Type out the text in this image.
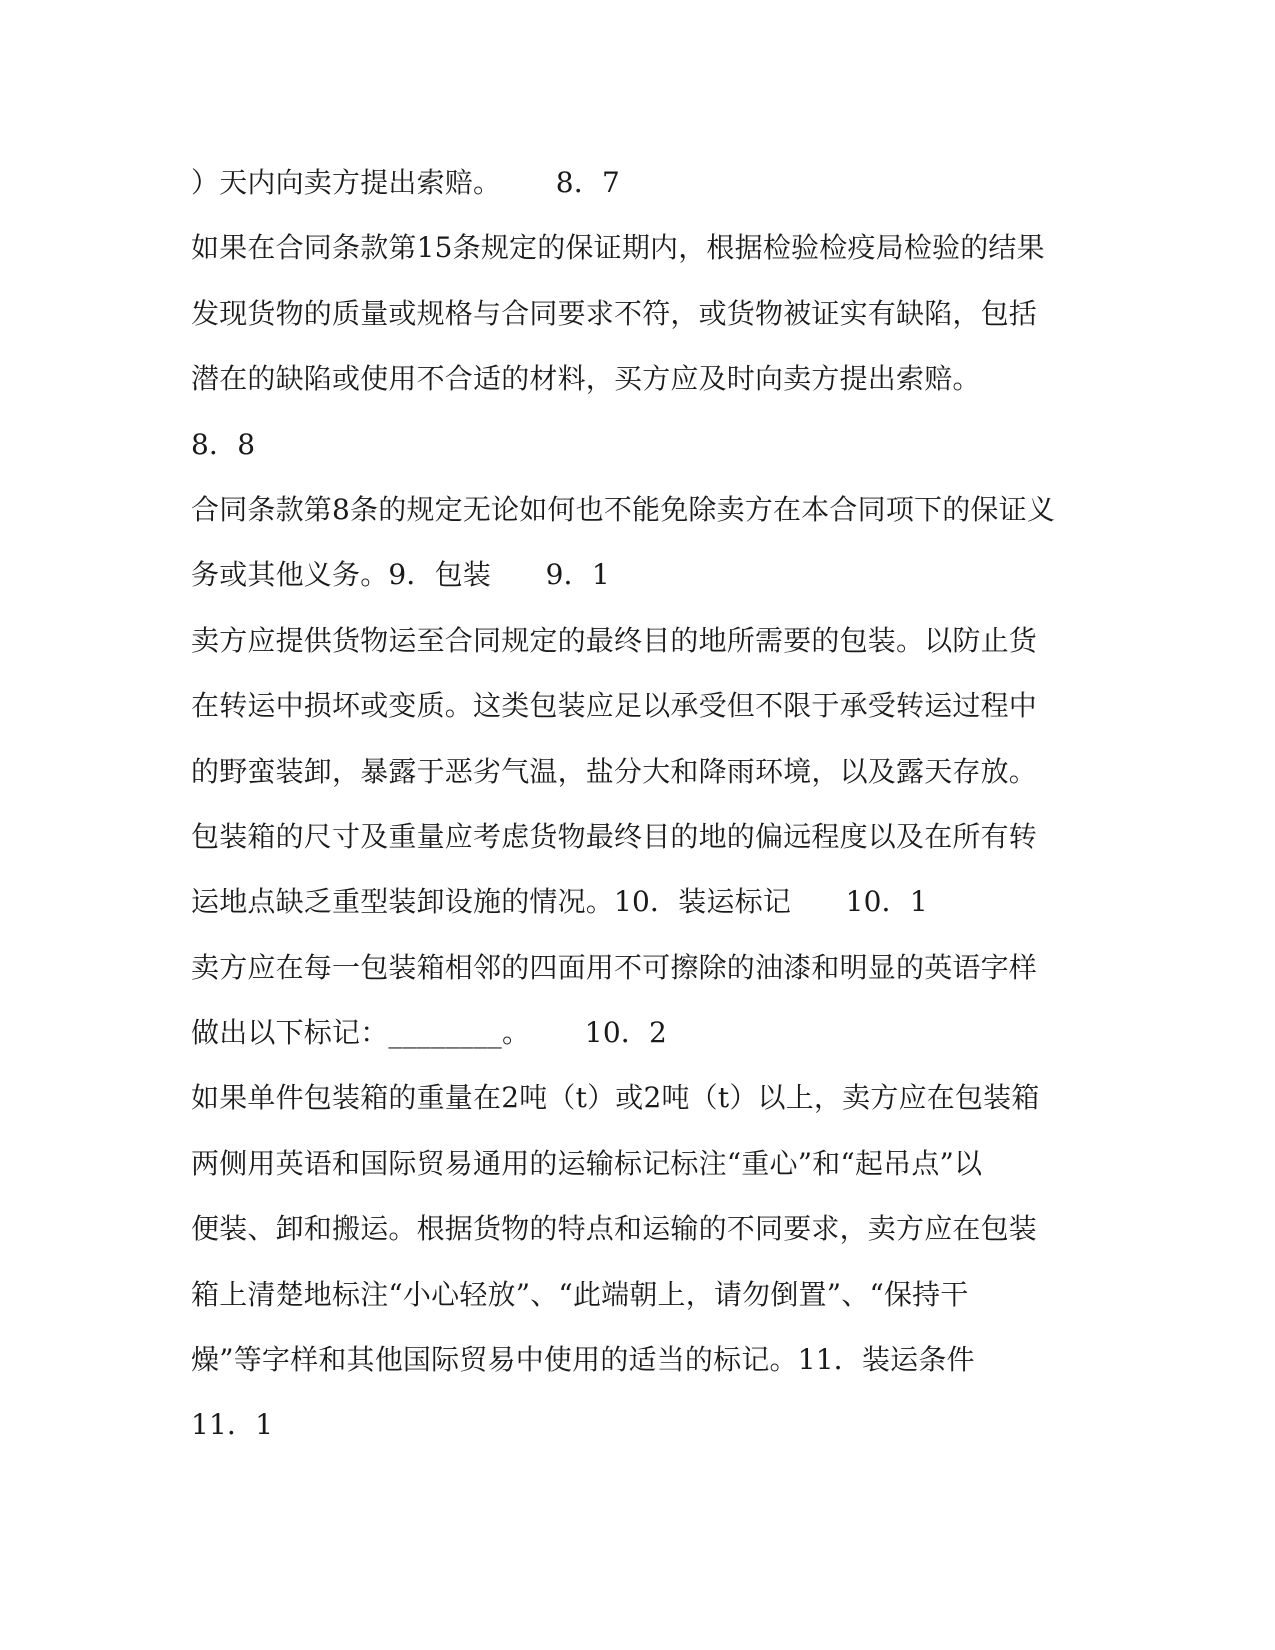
）天内向卖方提出索赔。      8．7
如果在合同条款第15条规定的保证期内，根据检验检疫局检验的结果
发现货物的质量或规格与合同要求不符，或货物被证实有缺陷，包括
潜在的缺陷或使用不合适的材料，买方应及时向卖方提出索赔。
8．8
合同条款第8条的规定无论如何也不能免除卖方在本合同项下的保证义
务或其他义务。9．包装      9．1
卖方应提供货物运至合同规定的最终目的地所需要的包装。以防止货
在转运中损坏或变质。这类包装应足以承受但不限于承受转运过程中
的野蛮装卸，暴露于恶劣气温，盐分大和降雨环境，以及露天存放。
包装箱的尺寸及重量应考虑货物最终目的地的偏远程度以及在所有转
运地点缺乏重型装卸设施的情况。10．装运标记      10．1
卖方应在每一包装箱相邻的四面用不可擦除的油漆和明显的英语字样
做出以下标记：________。      10．2
如果单件包装箱的重量在2吨（t）或2吨（t）以上，卖方应在包装箱
两侧用英语和国际贸易通用的运输标记标注“重心”和“起吊点”以
便装、卸和搬运。根据货物的特点和运输的不同要求，卖方应在包装
箱上清楚地标注“小心轻放”、“此端朝上，请勿倒置”、“保持干
燥”等字样和其他国际贸易中使用的适当的标记。11．装运条件
11．1
